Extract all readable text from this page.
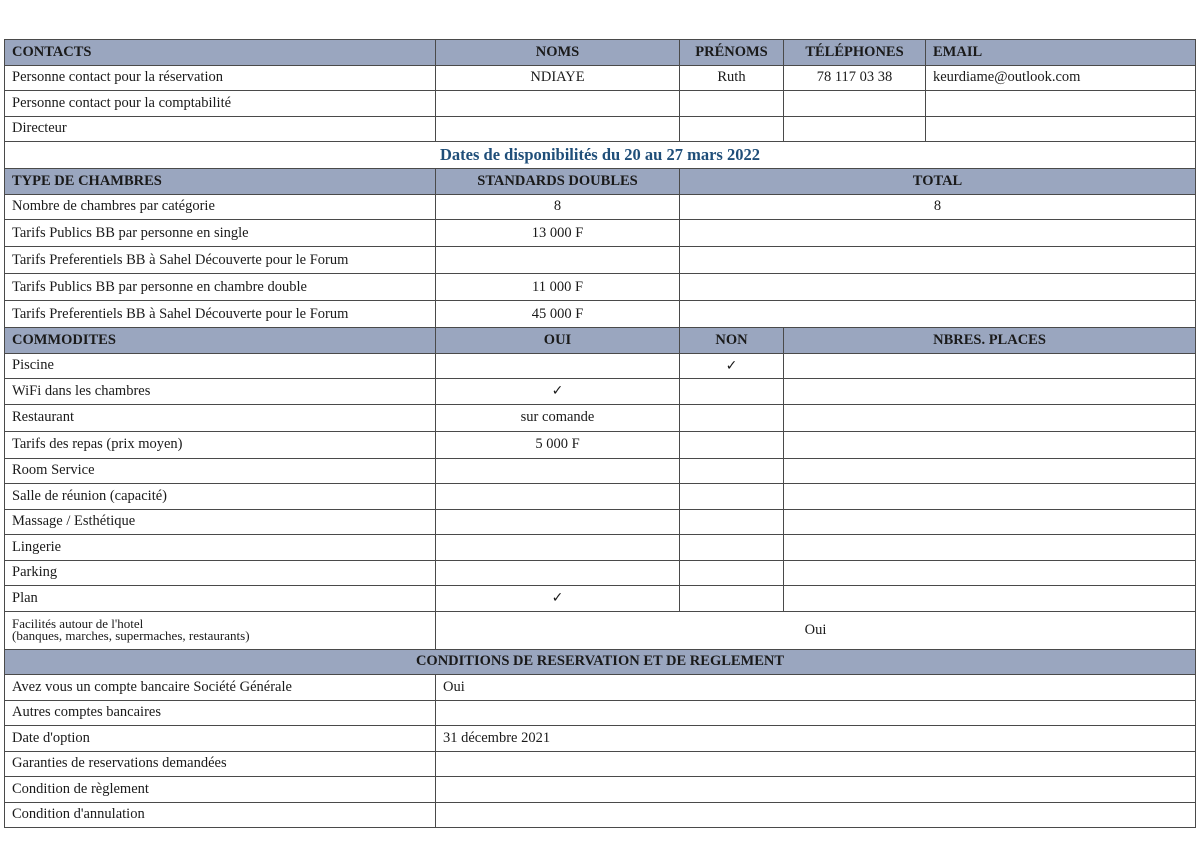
CONTACTS	NOMS	PRÉNOMS	TÉLÉPHONES	EMAIL
Personne contact pour la réservation	NDIAYE	Ruth	78 117 03 38	keurdiame@outlook.com
Personne contact pour la comptabilité				
Directeur				
Dates de disponibilités du 20 au 27 mars 2022				
TYPE DE CHAMBRES	STANDARDS DOUBLES	TOTAL		
Nombre de chambres par catégorie	8	8		
Tarifs Publics BB par personne en single	13 000 F			
Tarifs Preferentiels BB à Sahel Découverte pour le Forum				
Tarifs Publics BB par personne en chambre double	11 000 F			
Tarifs Preferentiels BB à Sahel Découverte pour le Forum	45 000 F			
COMMODITES	OUI	NON	NBRES. PLACES	
Piscine		✓		
WiFi dans les chambres	✓			
Restaurant	sur comande			
Tarifs des repas (prix moyen)	5 000 F			
Room Service				
Salle de réunion (capacité)				
Massage / Esthétique				
Lingerie				
Parking				
Plan	✓			

Facilités autour de l'hotel
(banques, marches, supermaches, restaurants)	Oui			
CONDITIONS DE RESERVATION ET DE REGLEMENT				
Avez vous un compte bancaire Société Générale	Oui			
Autres comptes bancaires				
Date d'option	31 décembre 2021			
Garanties de reservations demandées				
Condition de règlement				
Condition d'annulation				
